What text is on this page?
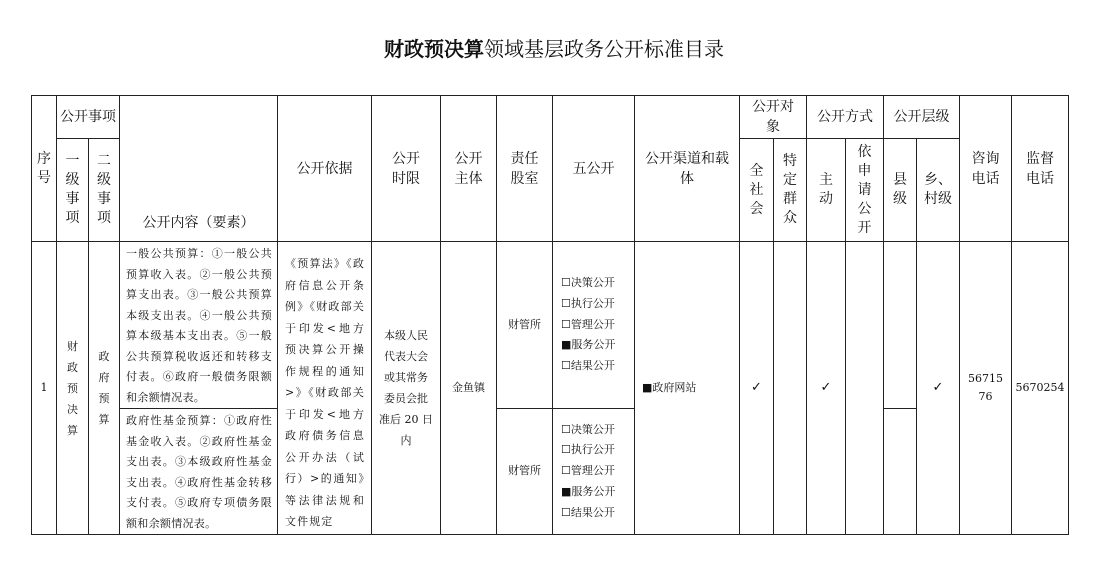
财政预决算领域基层政务公开标准目录
序号	公开事项		公开内容（要素）	公开依据	公开时限	公开主体	责任股室	五公开	公开渠道和载体	公开对象		公开方式		公开层级		咨询电话	监督电话
	一级事项	二级事项								全社会	特定群众	主动	依申请公开	县级	乡、村级		
1	财政预决算	政府预算	一般公共预算：①一般公共预算收入表。②一般公共预算支出表。③一般公共预算本级支出表。④一般公共预算本级基本支出表。⑤一般公共预算税收返还和转移支付表。⑥政府一般债务限额和余额情况表。	《预算法》《政府信息公开条例》《财政部关于印发<地方预决算公开操作规程的通知>》《财政部关于印发<地方政府债务信息公开办法（试行）>的通知》等法律法规和文件规定	本级人民代表大会或其常务委员会批准后 20 日内	金鱼镇	财管所	☐决策公开
☐执行公开
☐管理公开
■服务公开
☐结果公开	■政府网站	✓		✓			✓	5671576	5670254
			政府性基金预算：①政府性基金收入表。②政府性基金支出表。③本级政府性基金支出表。④政府性基金转移支付表。⑤政府专项债务限额和余额情况表。				财管所	☐决策公开
☐执行公开
☐管理公开
■服务公开
☐结果公开									
